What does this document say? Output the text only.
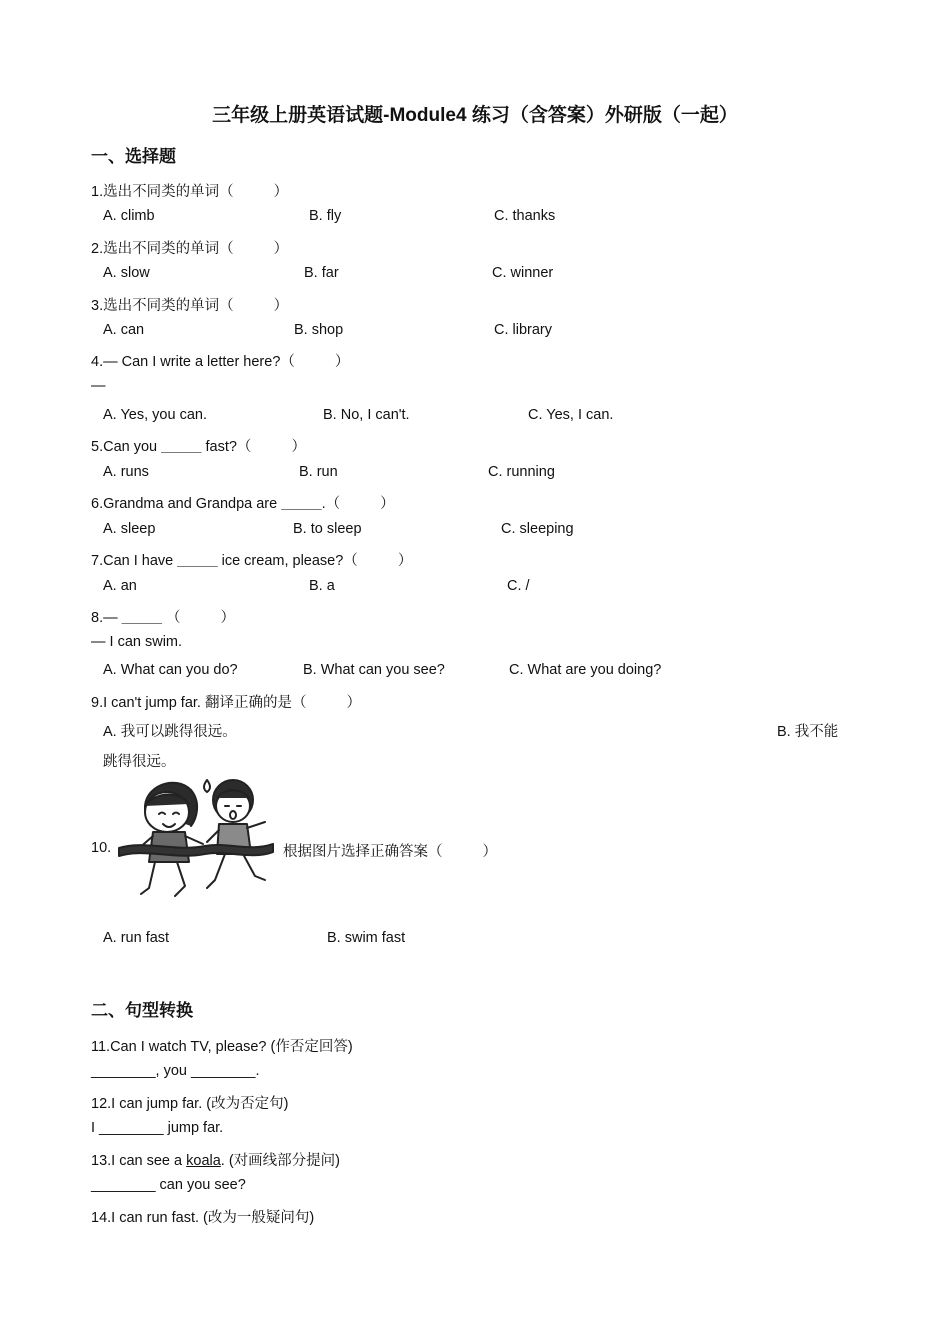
三年级上册英语试题-Module4 练习（含答案）外研版（一起）
一、选择题
1.选出不同类的单词（	）
A. climb	B. fly	C. thanks
2.选出不同类的单词（	）
A. slow	B. far	C. winner
3.选出不同类的单词（	）
A. can	B. shop	C. library
4.— Can I write a letter here?（	）
—
A. Yes, you can.	B. No, I can't.	C. Yes, I can.
5.Can you _____ fast?（	）
A. runs	B. run	C. running
6.Grandma and Grandpa are _____.（	）
A. sleep	B. to sleep	C. sleeping
7.Can I have _____ ice cream, please?（	）
A. an	B. a	C. /
8.— _____ （	）
— I can swim.
A. What can you do?	B. What can you see?	C. What are you doing?
9.I can't jump far. 翻译正确的是（	）
A. 我可以跳得很远。	B. 我不能
跳得很远。
10.	根据图片选择正确答案（	）
A. run fast	B. swim fast
二、句型转换
11.Can I watch TV, please? (作否定回答)
________, you ________.
12.I can jump far. (改为否定句)
I ________ jump far.
13.I can see a koala. (对画线部分提问)
________ can you see?
14.I can run fast. (改为一般疑问句)
